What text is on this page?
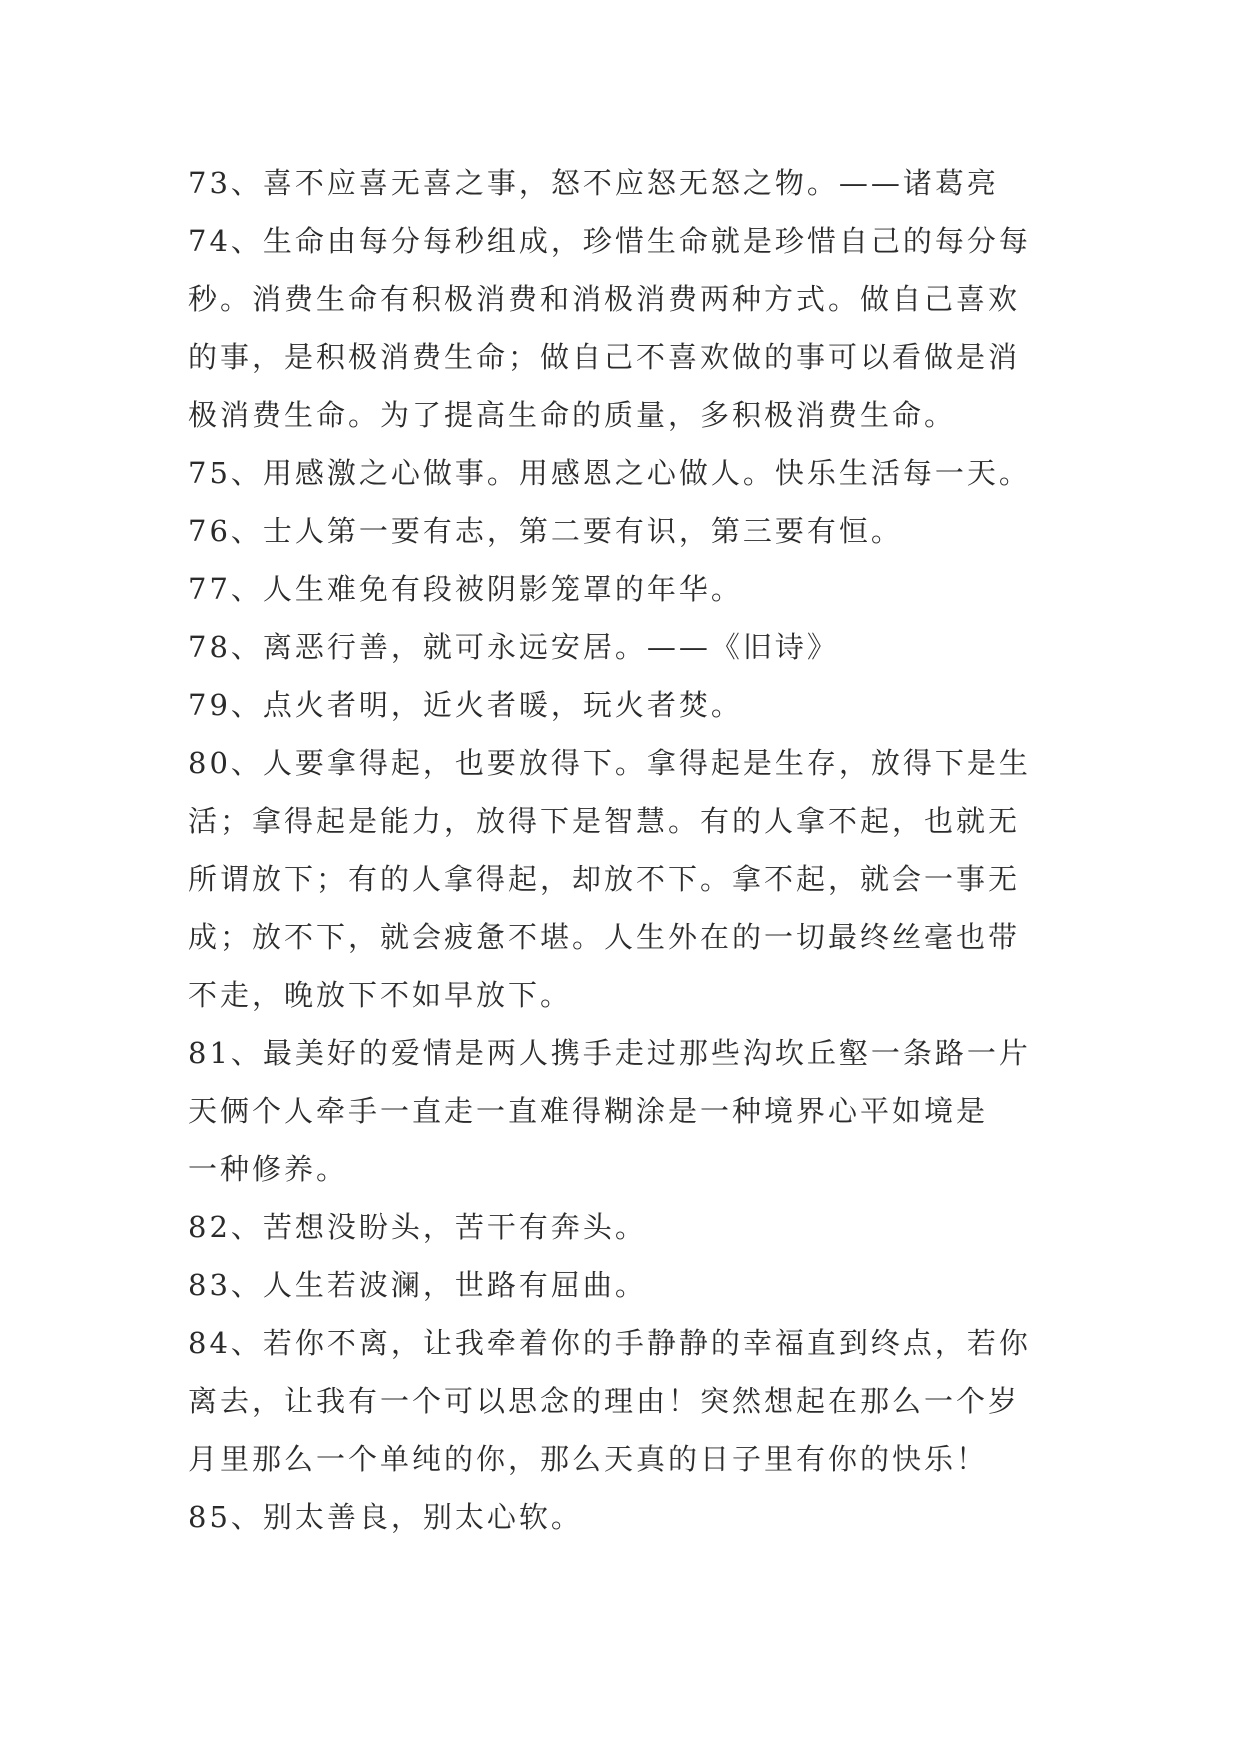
73、喜不应喜无喜之事，怒不应怒无怒之物。——诸葛亮
74、生命由每分每秒组成，珍惜生命就是珍惜自己的每分每
秒。消费生命有积极消费和消极消费两种方式。做自己喜欢
的事，是积极消费生命；做自己不喜欢做的事可以看做是消
极消费生命。为了提高生命的质量，多积极消费生命。
75、用感激之心做事。用感恩之心做人。快乐生活每一天。
76、士人第一要有志，第二要有识，第三要有恒。
77、人生难免有段被阴影笼罩的年华。
78、离恶行善，就可永远安居。——《旧诗》
79、点火者明，近火者暖，玩火者焚。
80、人要拿得起，也要放得下。拿得起是生存，放得下是生
活；拿得起是能力，放得下是智慧。有的人拿不起，也就无
所谓放下；有的人拿得起，却放不下。拿不起，就会一事无
成；放不下，就会疲惫不堪。人生外在的一切最终丝毫也带
不走，晚放下不如早放下。
81、最美好的爱情是两人携手走过那些沟坎丘壑一条路一片
天俩个人牵手一直走一直难得糊涂是一种境界心平如境是
一种修养。
82、苦想没盼头，苦干有奔头。
83、人生若波澜，世路有屈曲。
84、若你不离，让我牵着你的手静静的幸福直到终点，若你
离去，让我有一个可以思念的理由！突然想起在那么一个岁
月里那么一个单纯的你，那么天真的日子里有你的快乐！
85、别太善良，别太心软。
